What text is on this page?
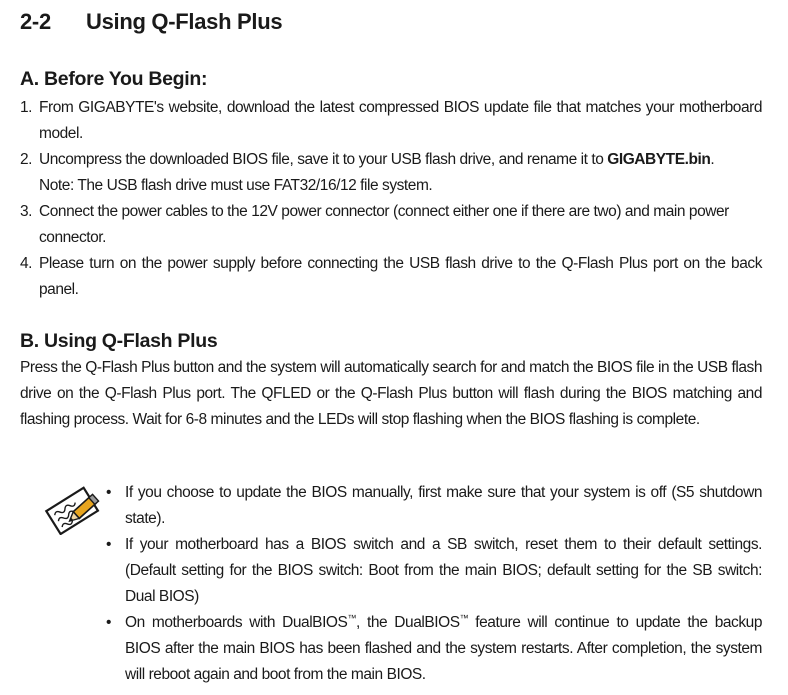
2-2 Using Q-Flash Plus
A. Before You Begin:
1. From GIGABYTE's website, download the latest compressed BIOS update file that matches your motherboard model.
2. Uncompress the downloaded BIOS file, save it to your USB flash drive, and rename it to GIGABYTE.bin.
Note: The USB flash drive must use FAT32/16/12 file system.
3. Connect the power cables to the 12V power connector (connect either one if there are two) and main power connector.
4. Please turn on the power supply before connecting the USB flash drive to the Q-Flash Plus port on the back panel.
B. Using Q-Flash Plus
Press the Q-Flash Plus button and the system will automatically search for and match the BIOS file in the USB flash drive on the Q-Flash Plus port. The QFLED or the Q-Flash Plus button will flash during the BIOS matching and flashing process. Wait for 6-8 minutes and the LEDs will stop flashing when the BIOS flashing is complete.
• If you choose to update the BIOS manually, first make sure that your system is off (S5 shutdown state).
• If your motherboard has a BIOS switch and a SB switch, reset them to their default settings. (Default setting for the BIOS switch: Boot from the main BIOS; default setting for the SB switch: Dual BIOS)
• On motherboards with DualBIOS™, the DualBIOS™ feature will continue to update the backup BIOS after the main BIOS has been flashed and the system restarts. After completion, the system will reboot again and boot from the main BIOS.
